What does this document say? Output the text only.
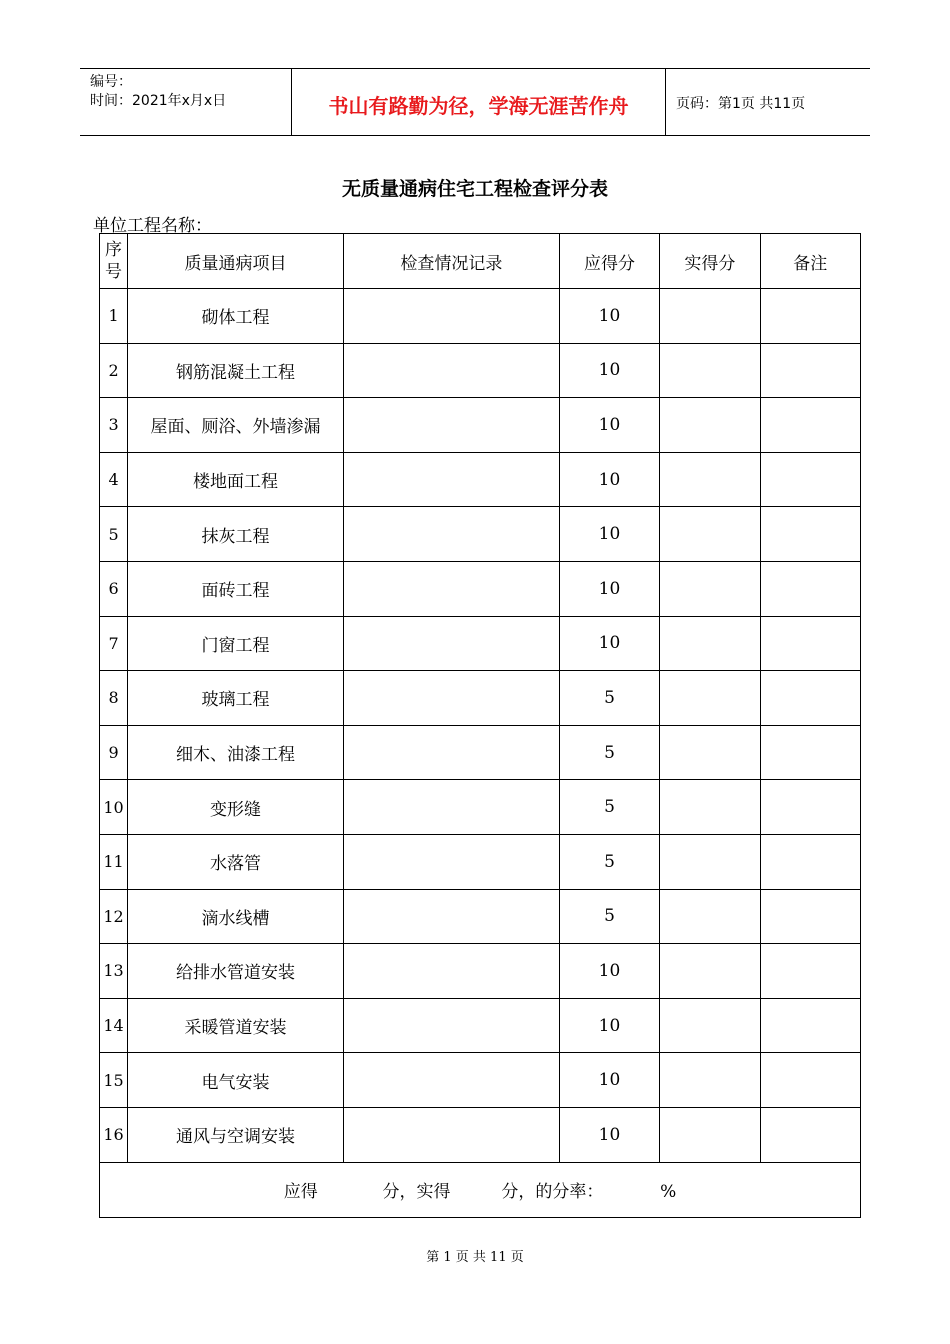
编号：
时间：2021年x月x日	书山有路勤为径，学海无涯苦作舟	页码：第1页 共11页
无质量通病住宅工程检查评分表
单位工程名称：
序号	质量通病项目	检查情况记录	应得分	实得分	备注
1	砌体工程		10		
2	钢筋混凝土工程		10		
3	屋面、厕浴、外墙渗漏		10		
4	楼地面工程		10		
5	抹灰工程		10		
6	面砖工程		10		
7	门窗工程		10		
8	玻璃工程		5		
9	细木、油漆工程		5		
10	变形缝		5		
11	水落管		5		
12	滴水线槽		5		
13	给排水管道安装		10		
14	采暖管道安装		10		
15	电气安装		10		
16	通风与空调安装		10		
应得 分，实得 分，的分率： %					
第 1 页 共 11 页
